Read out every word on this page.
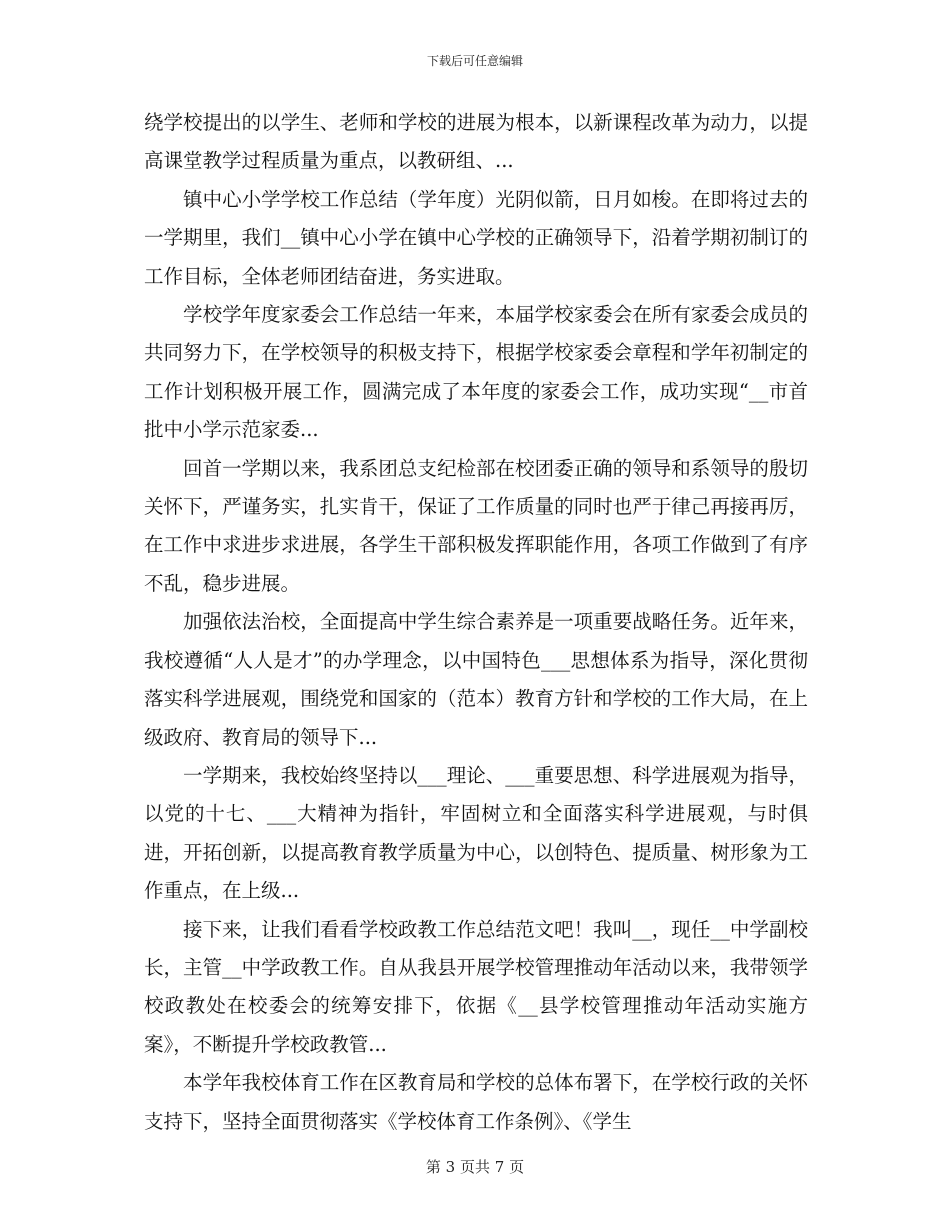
下载后可任意编辑

绕学校提出的以学生、老师和学校的进展为根本，以新课程改革为动力，以提高课堂教学过程质量为重点，以教研组、...

　　镇中心小学学校工作总结（学年度）光阴似箭，日月如梭。在即将过去的一学期里，我们__镇中心小学在镇中心学校的正确领导下，沿着学期初制订的工作目标，全体老师团结奋进，务实进取。

　　学校学年度家委会工作总结一年来，本届学校家委会在所有家委会成员的共同努力下，在学校领导的积极支持下，根据学校家委会章程和学年初制定的工作计划积极开展工作，圆满完成了本年度的家委会工作，成功实现“__市首批中小学示范家委...

　　回首一学期以来，我系团总支纪检部在校团委正确的领导和系领导的殷切关怀下，严谨务实，扎实肯干，保证了工作质量的同时也严于律己再接再厉，在工作中求进步求进展，各学生干部积极发挥职能作用，各项工作做到了有序不乱，稳步进展。

　　加强依法治校，全面提高中学生综合素养是一项重要战略任务。近年来，我校遵循“人人是才”的办学理念，以中国特色___思想体系为指导，深化贯彻落实科学进展观，围绕党和国家的（范本）教育方针和学校的工作大局，在上级政府、教育局的领导下...

　　一学期来，我校始终坚持以___理论、___重要思想、科学进展观为指导，以党的十七、___大精神为指针，牢固树立和全面落实科学进展观，与时俱进，开拓创新，以提高教育教学质量为中心，以创特色、提质量、树形象为工作重点，在上级...

　　接下来，让我们看看学校政教工作总结范文吧！我叫__，现任__中学副校长，主管__中学政教工作。自从我县开展学校管理推动年活动以来，我带领学校政教处在校委会的统筹安排下，依据《__县学校管理推动年活动实施方案》，不断提升学校政教管...

　　本学年我校体育工作在区教育局和学校的总体布署下，在学校行政的关怀支持下，坚持全面贯彻落实《学校体育工作条例》、《学生

第 3 页共 7 页
